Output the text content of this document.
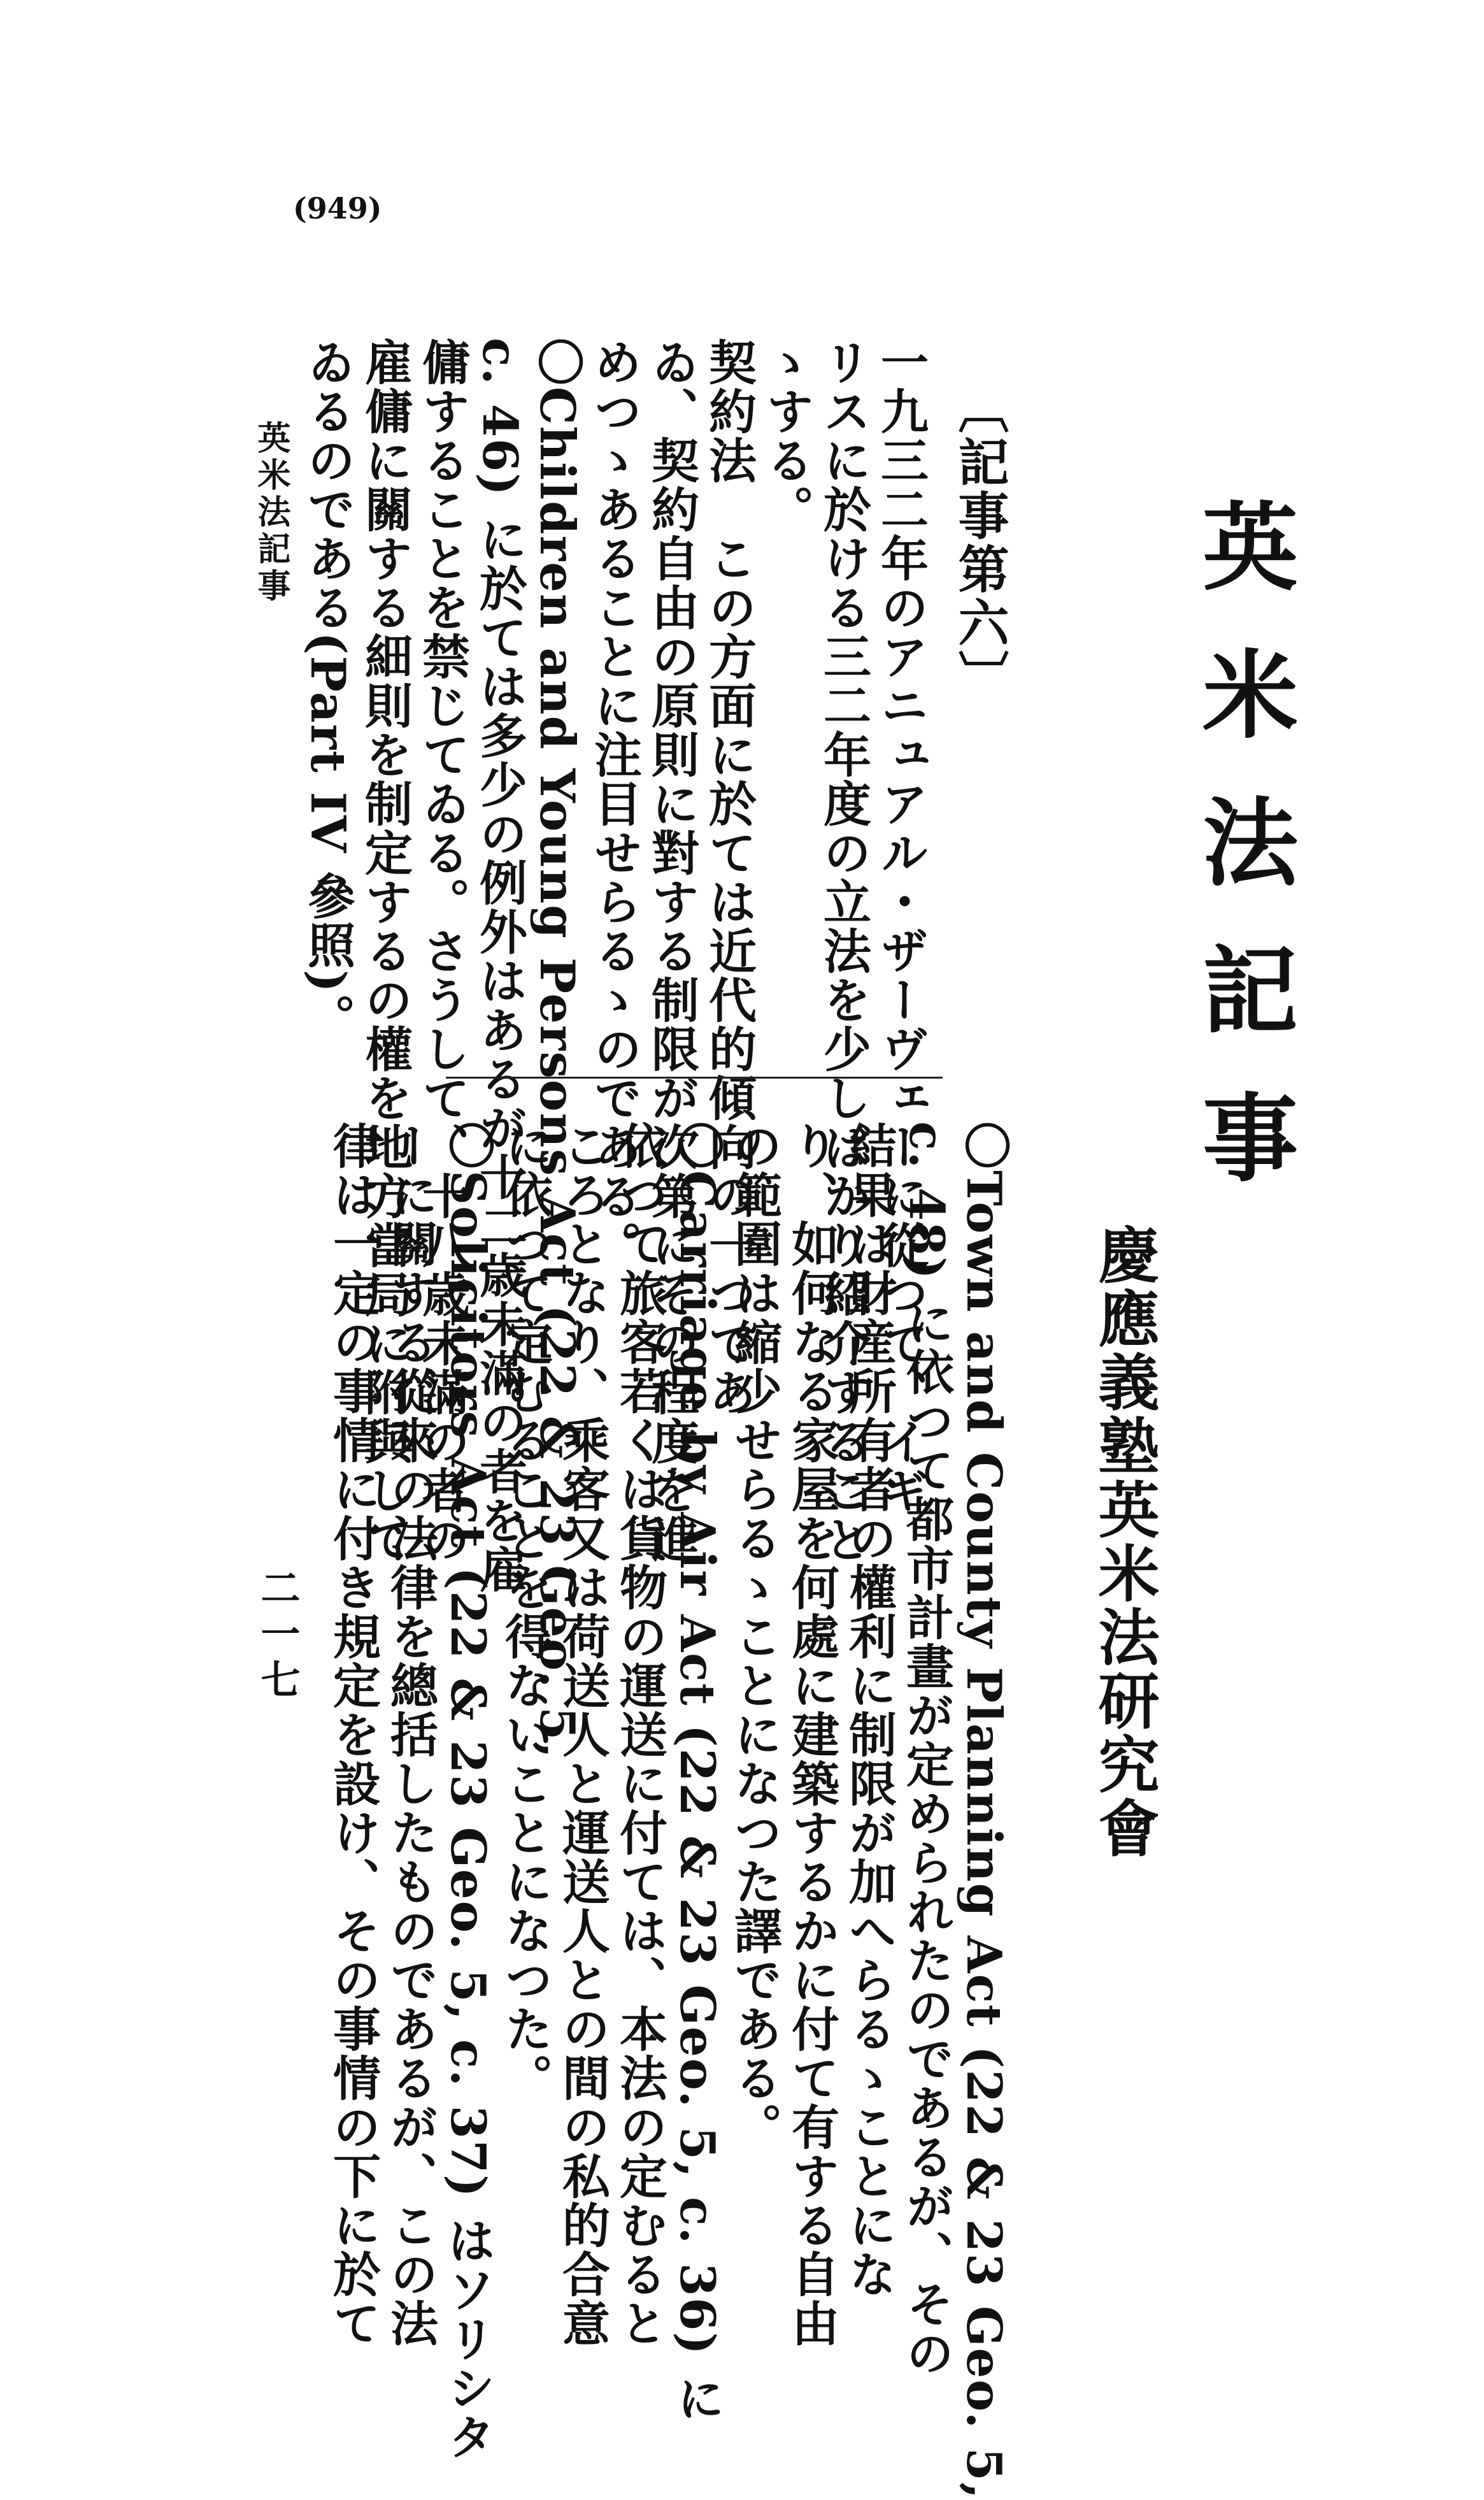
(949)
英米法記事
慶應義塾英米法研究會
〔記事第六〕

一九三二年のアニュアル・ザーヴェーに從つて、イギ

リスに於ける三二年度の立法を少しばかり紹介すること

ゝする。

契約法　この方面に於ては近代的傾向の一つであ

ゐ、契約自由の原則に對する制限が次第にその程度を進

めつゝあることに注目せらるゝのである。

〇Children and Young Persons Act (22 & 23 Geo. 5,

c. 46) に於ては多少の例外はあるが十二歳未滿の者を雇

傭することを禁じてゐる。さうして、十八歳未滿の者の

雇傭に關する細則を制定するの權を地方當局に附與して

ゐるのである(Part IV 參照)。

〇Town and County Planning Act (22 & 23 Geo. 5,

c. 48) に依つて都市計畫が定められたのであるが、その

結果は財産所有者の權利に制限が加へらるゝことにな

り、如何なる家屋を何處に建築するかに付て有する自由

の範圍は縮少せらるゝことになつた譯である。

〇Carriage by Air Act (22 & 23 Geo. 5, c. 36) に

依つて旅客若くは貨物の運送に付ては、本法の定むると

ころとなり、乘客又は荷送人と運送人との間の私的合意

に依つて定むることを得ないことになつた。

〇Solicitors Act (22 & 23 Geo. 5, c. 37) はソリシタ

ーに關する從來の法律を總括したものであるが、この法

律は一定の事情に付き規定を設け、その事情の下に於て

英米法記事
二一七
